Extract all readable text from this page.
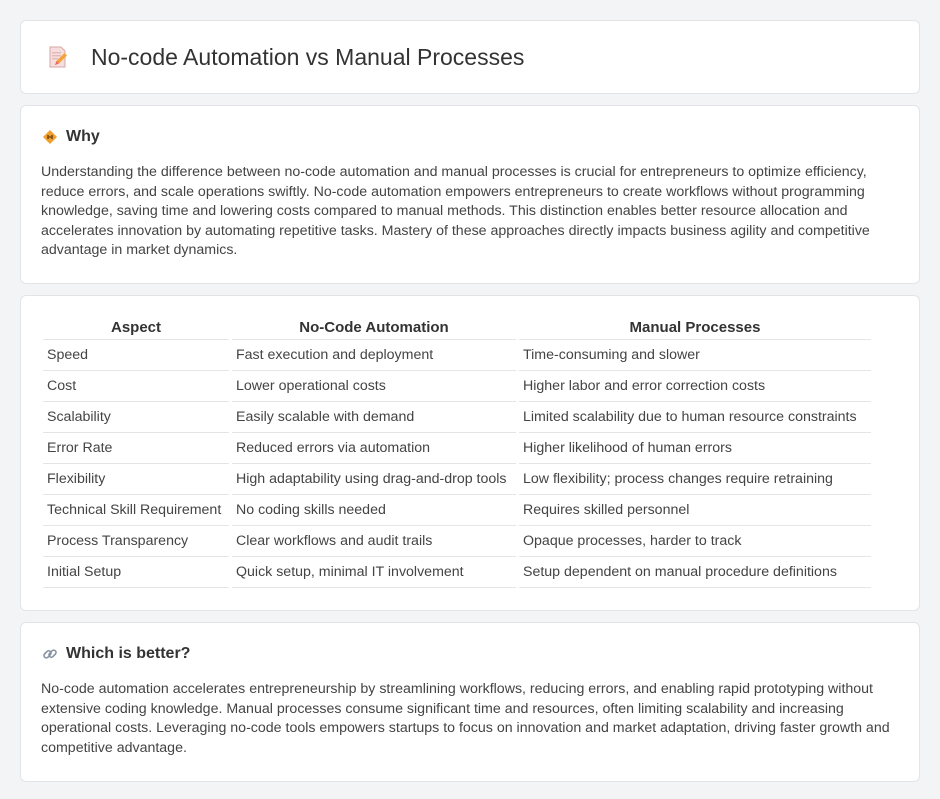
No-code Automation vs Manual Processes
Why

Understanding the difference between no-code automation and manual processes is crucial for entrepreneurs to optimize efficiency, reduce errors, and scale operations swiftly. No-code automation empowers entrepreneurs to create workflows without programming knowledge, saving time and lowering costs compared to manual methods. This distinction enables better resource allocation and accelerates innovation by automating repetitive tasks. Mastery of these approaches directly impacts business agility and competitive advantage in market dynamics.

Aspect	No-Code Automation	Manual Processes
Speed	Fast execution and deployment	Time-consuming and slower
Cost	Lower operational costs	Higher labor and error correction costs
Scalability	Easily scalable with demand	Limited scalability due to human resource constraints
Error Rate	Reduced errors via automation	Higher likelihood of human errors
Flexibility	High adaptability using drag-and-drop tools	Low flexibility; process changes require retraining
Technical Skill Requirement	No coding skills needed	Requires skilled personnel
Process Transparency	Clear workflows and audit trails	Opaque processes, harder to track
Initial Setup	Quick setup, minimal IT involvement	Setup dependent on manual procedure definitions
Which is better?

No-code automation accelerates entrepreneurship by streamlining workflows, reducing errors, and enabling rapid prototyping without extensive coding knowledge. Manual processes consume significant time and resources, often limiting scalability and increasing operational costs. Leveraging no-code tools empowers startups to focus on innovation and market adaptation, driving faster growth and competitive advantage.
